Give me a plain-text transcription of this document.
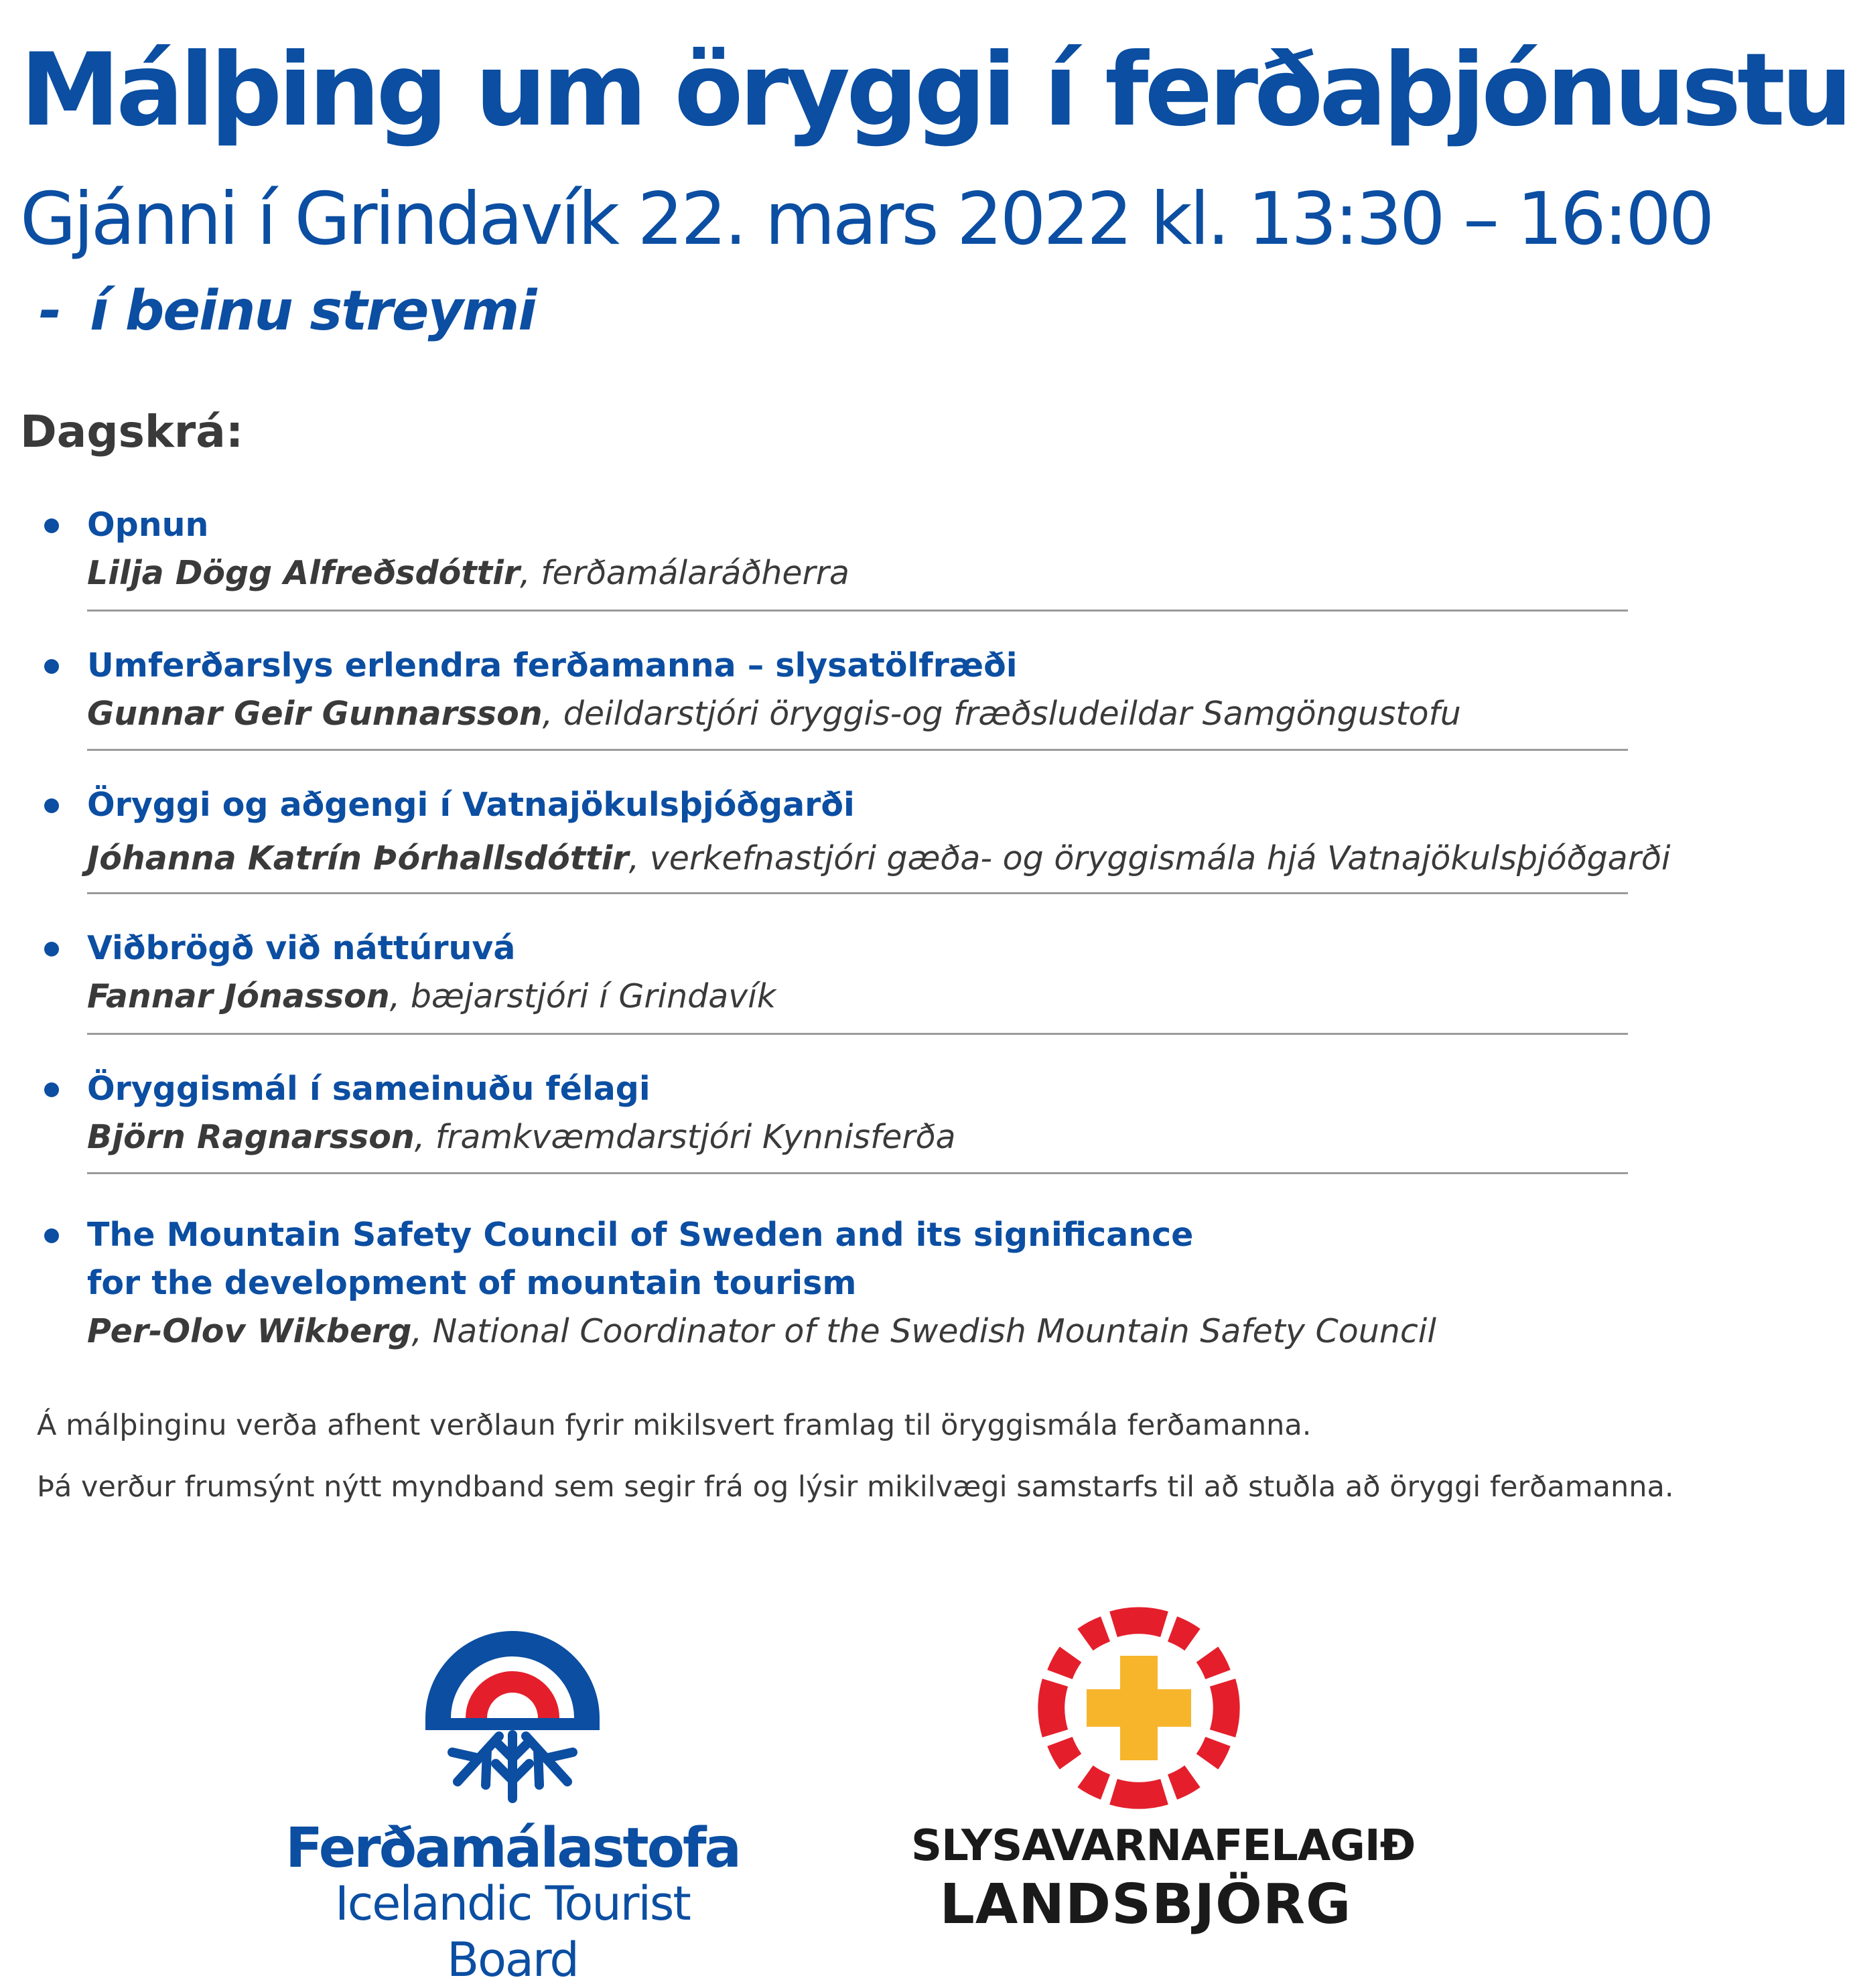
Málþing um öryggi í ferðaþjónustu
Gjánni í Grindavík 22. mars 2022 kl. 13:30 – 16:00

- í beinu streymi

Dagskrá:

Opnun

Lilja Dögg Alfreðsdóttir, ferðamálaráðherra

Umferðarslys erlendra ferðamanna – slysatölfræði

Gunnar Geir Gunnarsson, deildarstjóri öryggis-og fræðsludeildar Samgöngustofu

Öryggi og aðgengi í Vatnajökulsþjóðgarði

Jóhanna Katrín Þórhallsdóttir, verkefnastjóri gæða- og öryggismála hjá Vatnajökulsþjóðgarði

Viðbrögð við náttúruvá

Fannar Jónasson, bæjarstjóri í Grindavík

Öryggismál í sameinuðu félagi

Björn Ragnarsson, framkvæmdarstjóri Kynnisferða

The Mountain Safety Council of Sweden and its significance

for the development of mountain tourism

Per-Olov Wikberg, National Coordinator of the Swedish Mountain Safety Council

Á málþinginu verða afhent verðlaun fyrir mikilsvert framlag til öryggismála ferðamanna.

Þá verður frumsýnt nýtt myndband sem segir frá og lýsir mikilvægi samstarfs til að stuðla að öryggi ferðamanna.

Ferðamálastofa

Icelandic Tourist Board

SLYSAVARNAFELAGIÐ

LANDSBJÖRG
